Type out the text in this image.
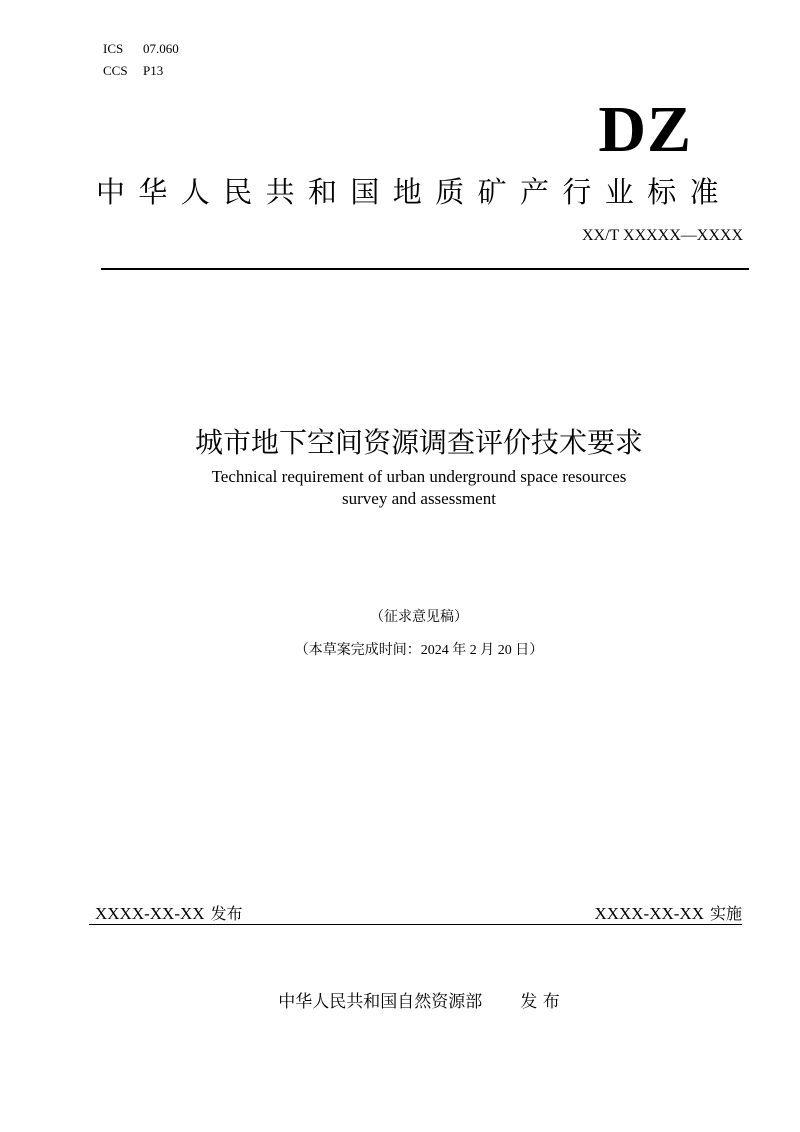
ICS 07.060
CCS P13
DZ
中华人民共和国地质矿产行业标准
XX/T XXXXX—XXXX
城市地下空间资源调查评价技术要求
Technical requirement of urban underground space resources
survey and assessment
（征求意见稿）
（本草案完成时间：2024 年 2 月 20 日）
XXXX-XX-XX 发布	XXXX-XX-XX 实施
中华人民共和国自然资源部 发 布
